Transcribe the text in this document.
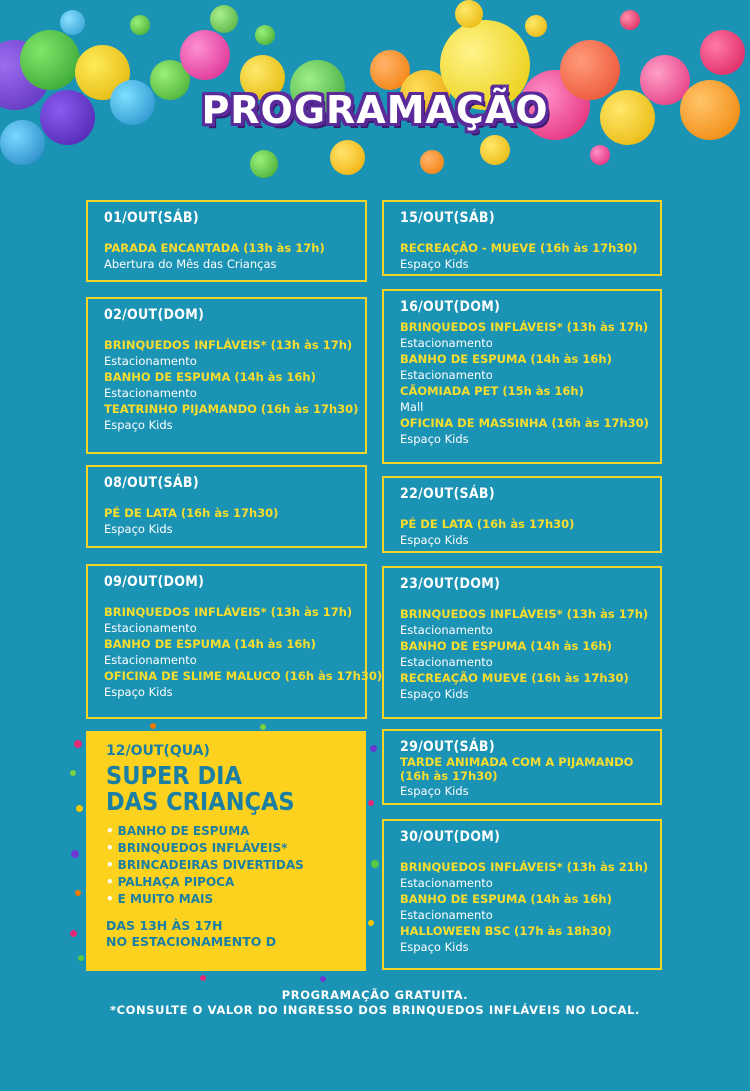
PROGRAMAÇÃO
01/OUT(SÁB)
PARADA ENCANTADA (13h às 17h)
Abertura do Mês das Crianças
02/OUT(DOM)
BRINQUEDOS INFLÁVEIS* (13h às 17h)
Estacionamento
BANHO DE ESPUMA (14h às 16h)
Estacionamento
TEATRINHO PIJAMANDO (16h às 17h30)
Espaço Kids
08/OUT(SÁB)
PÉ DE LATA (16h às 17h30)
Espaço Kids
09/OUT(DOM)
BRINQUEDOS INFLÁVEIS* (13h às 17h)
Estacionamento
BANHO DE ESPUMA (14h às 16h)
Estacionamento
OFICINA DE SLIME MALUCO (16h às 17h30)
Espaço Kids
12/OUT(QUA)
SUPER DIA
DAS CRIANÇAS
• BANHO DE ESPUMA
• BRINQUEDOS INFLÁVEIS*
• BRINCADEIRAS DIVERTIDAS
• PALHAÇA PIPOCA
• E MUITO MAIS
DAS 13H ÀS 17H
NO ESTACIONAMENTO D
15/OUT(SÁB)
RECREAÇÃO - MUEVE (16h às 17h30)
Espaço Kids
16/OUT(DOM)
BRINQUEDOS INFLÁVEIS* (13h às 17h)
Estacionamento
BANHO DE ESPUMA (14h às 16h)
Estacionamento
CÃOMIADA PET (15h às 16h)
Mall
OFICINA DE MASSINHA (16h às 17h30)
Espaço Kids
22/OUT(SÁB)
PÉ DE LATA (16h às 17h30)
Espaço Kids
23/OUT(DOM)
BRINQUEDOS INFLÁVEIS* (13h às 17h)
Estacionamento
BANHO DE ESPUMA (14h às 16h)
Estacionamento
RECREAÇÃO MUEVE (16h às 17h30)
Espaço Kids
29/OUT(SÁB)
TARDE ANIMADA COM A PIJAMANDO
(16h às 17h30)
Espaço Kids
30/OUT(DOM)
BRINQUEDOS INFLÁVEIS* (13h às 21h)
Estacionamento
BANHO DE ESPUMA (14h às 16h)
Estacionamento
HALLOWEEN BSC (17h às 18h30)
Espaço Kids
PROGRAMAÇÃO GRATUITA.
*CONSULTE O VALOR DO INGRESSO DOS BRINQUEDOS INFLÁVEIS NO LOCAL.
